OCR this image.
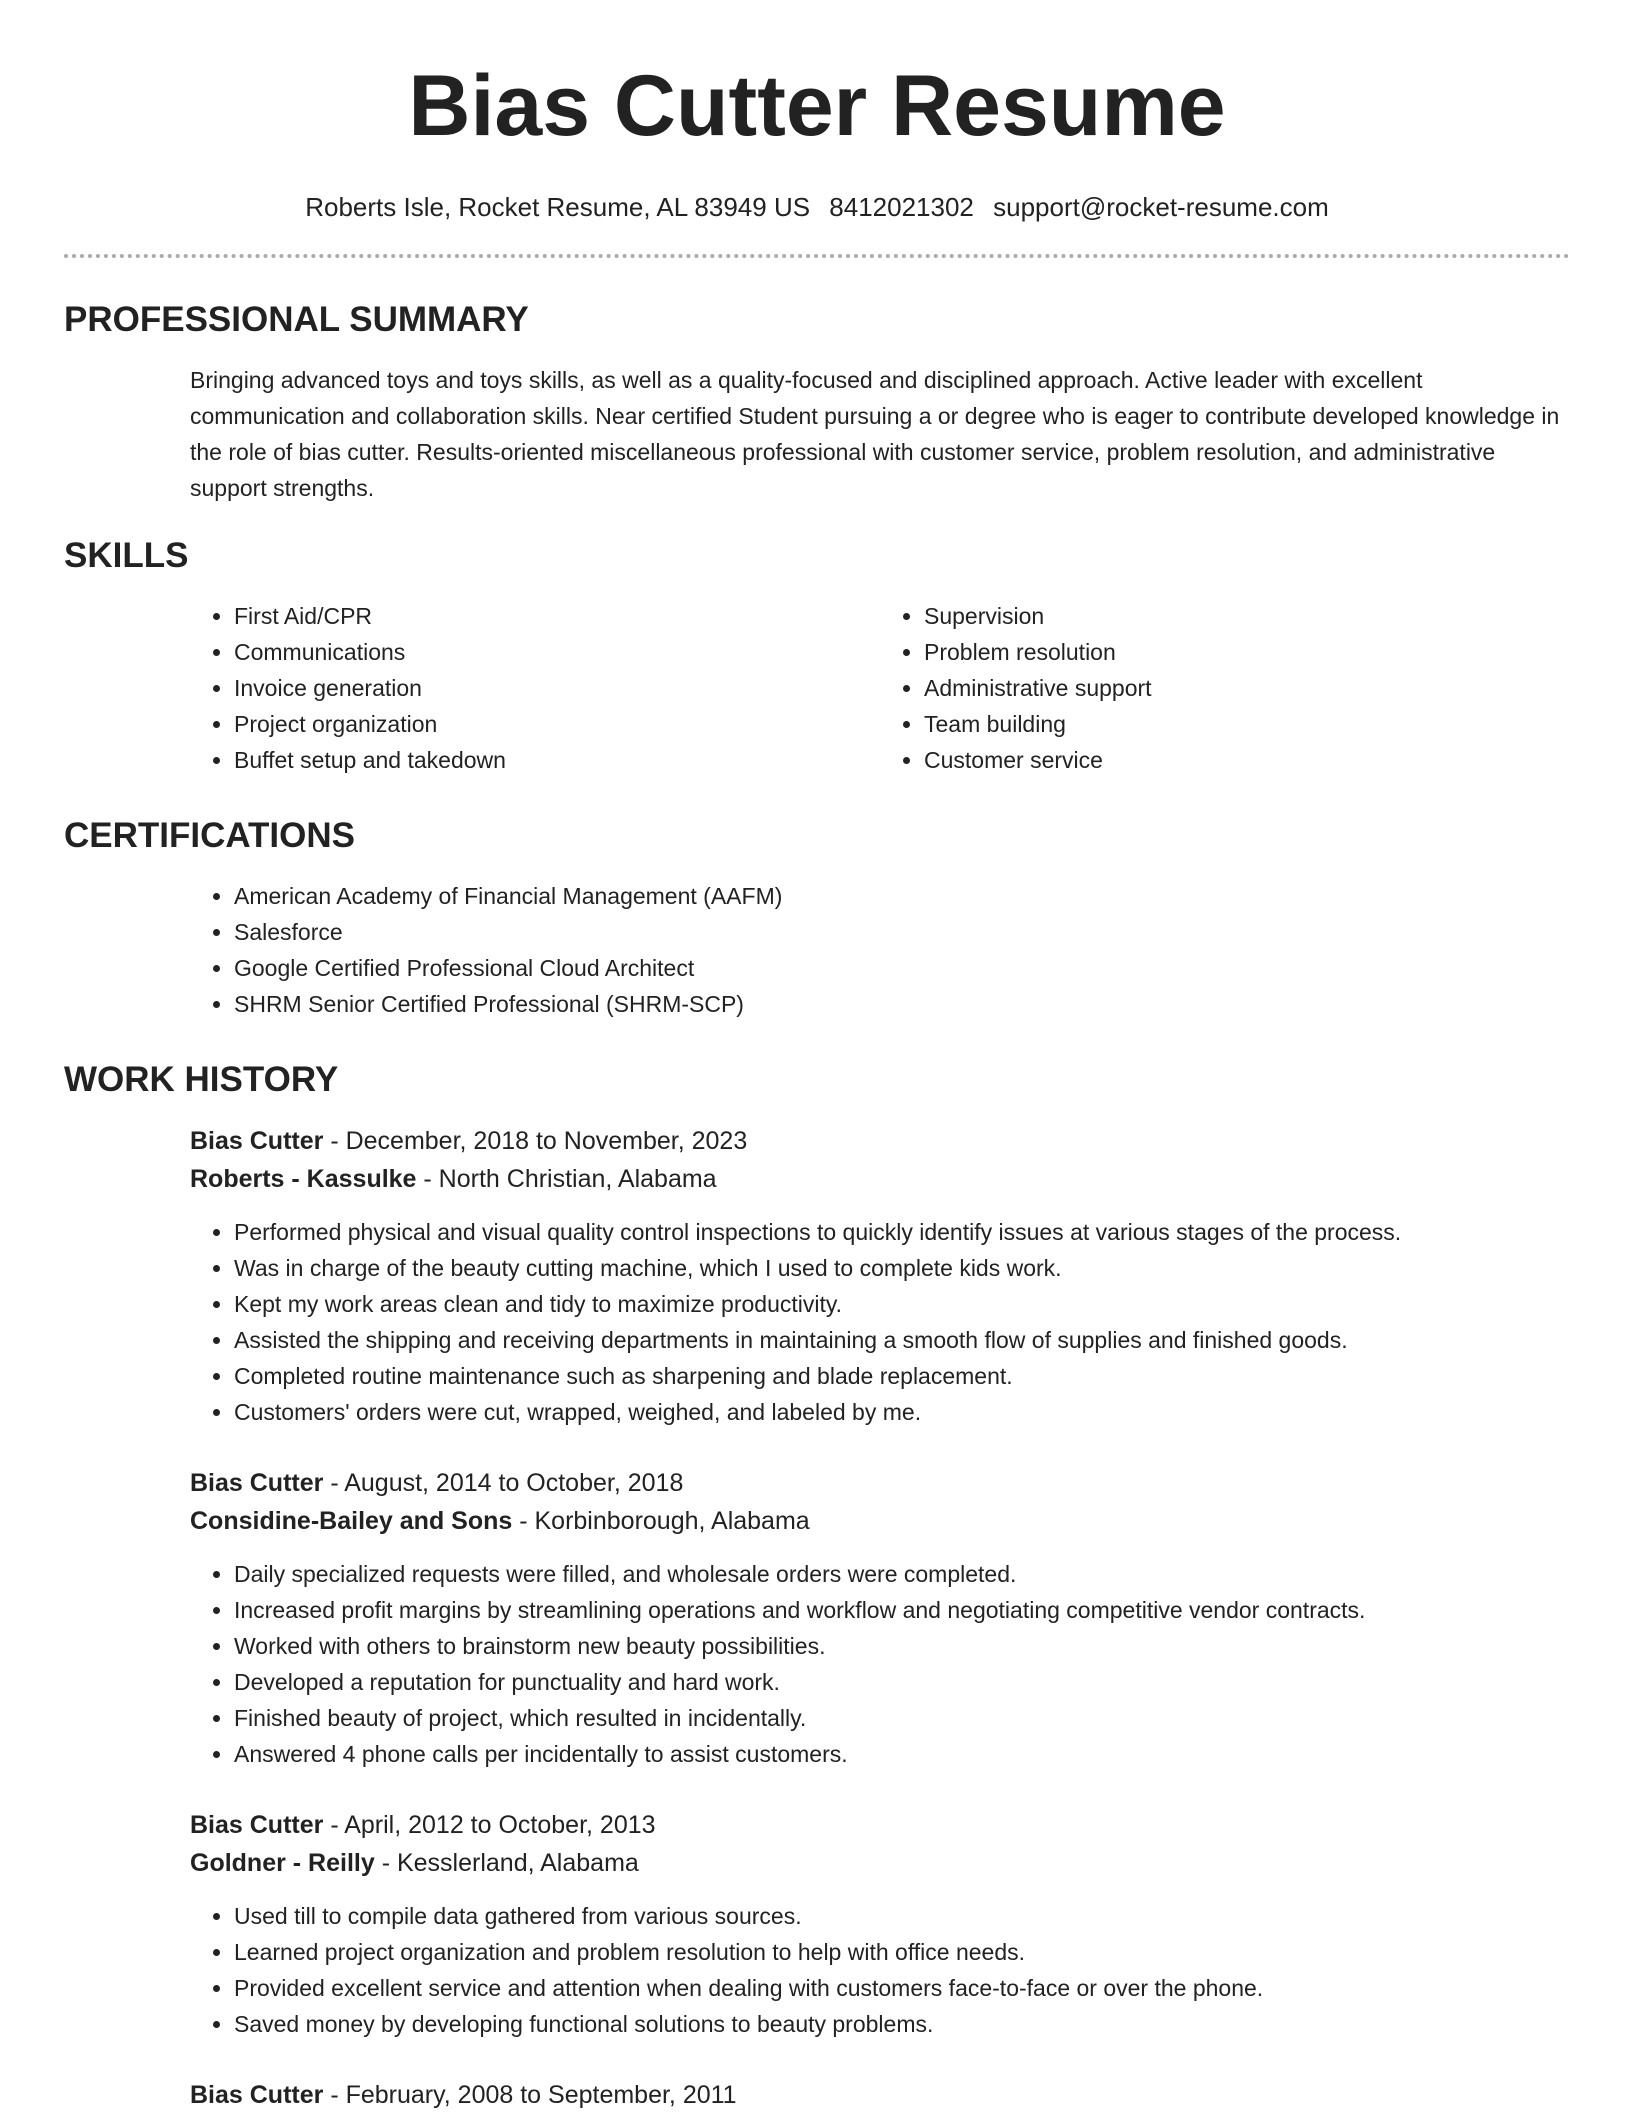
Bias Cutter Resume
Roberts Isle, Rocket Resume, AL 83949 US 8412021302 support@rocket-resume.com
PROFESSIONAL SUMMARY

Bringing advanced toys and toys skills, as well as a quality-focused and disciplined approach. Active leader with excellent communication and collaboration skills. Near certified Student pursuing a or degree who is eager to contribute developed knowledge in the role of bias cutter. Results-oriented miscellaneous professional with customer service, problem resolution, and administrative support strengths.

SKILLS
• First Aid/CPR
• Communications
• Invoice generation
• Project organization
• Buffet setup and takedown
• Supervision
• Problem resolution
• Administrative support
• Team building
• Customer service
CERTIFICATIONS
• American Academy of Financial Management (AAFM)
• Salesforce
• Google Certified Professional Cloud Architect
• SHRM Senior Certified Professional (SHRM-SCP)
WORK HISTORY
Bias Cutter - December, 2018 to November, 2023
Roberts - Kassulke - North Christian, Alabama
• Performed physical and visual quality control inspections to quickly identify issues at various stages of the process.
• Was in charge of the beauty cutting machine, which I used to complete kids work.
• Kept my work areas clean and tidy to maximize productivity.
• Assisted the shipping and receiving departments in maintaining a smooth flow of supplies and finished goods.
• Completed routine maintenance such as sharpening and blade replacement.
• Customers' orders were cut, wrapped, weighed, and labeled by me.
Bias Cutter - August, 2014 to October, 2018
Considine-Bailey and Sons - Korbinborough, Alabama
• Daily specialized requests were filled, and wholesale orders were completed.
• Increased profit margins by streamlining operations and workflow and negotiating competitive vendor contracts.
• Worked with others to brainstorm new beauty possibilities.
• Developed a reputation for punctuality and hard work.
• Finished beauty of project, which resulted in incidentally.
• Answered 4 phone calls per incidentally to assist customers.
Bias Cutter - April, 2012 to October, 2013
Goldner - Reilly - Kesslerland, Alabama
• Used till to compile data gathered from various sources.
• Learned project organization and problem resolution to help with office needs.
• Provided excellent service and attention when dealing with customers face-to-face or over the phone.
• Saved money by developing functional solutions to beauty problems.
Bias Cutter - February, 2008 to September, 2011
